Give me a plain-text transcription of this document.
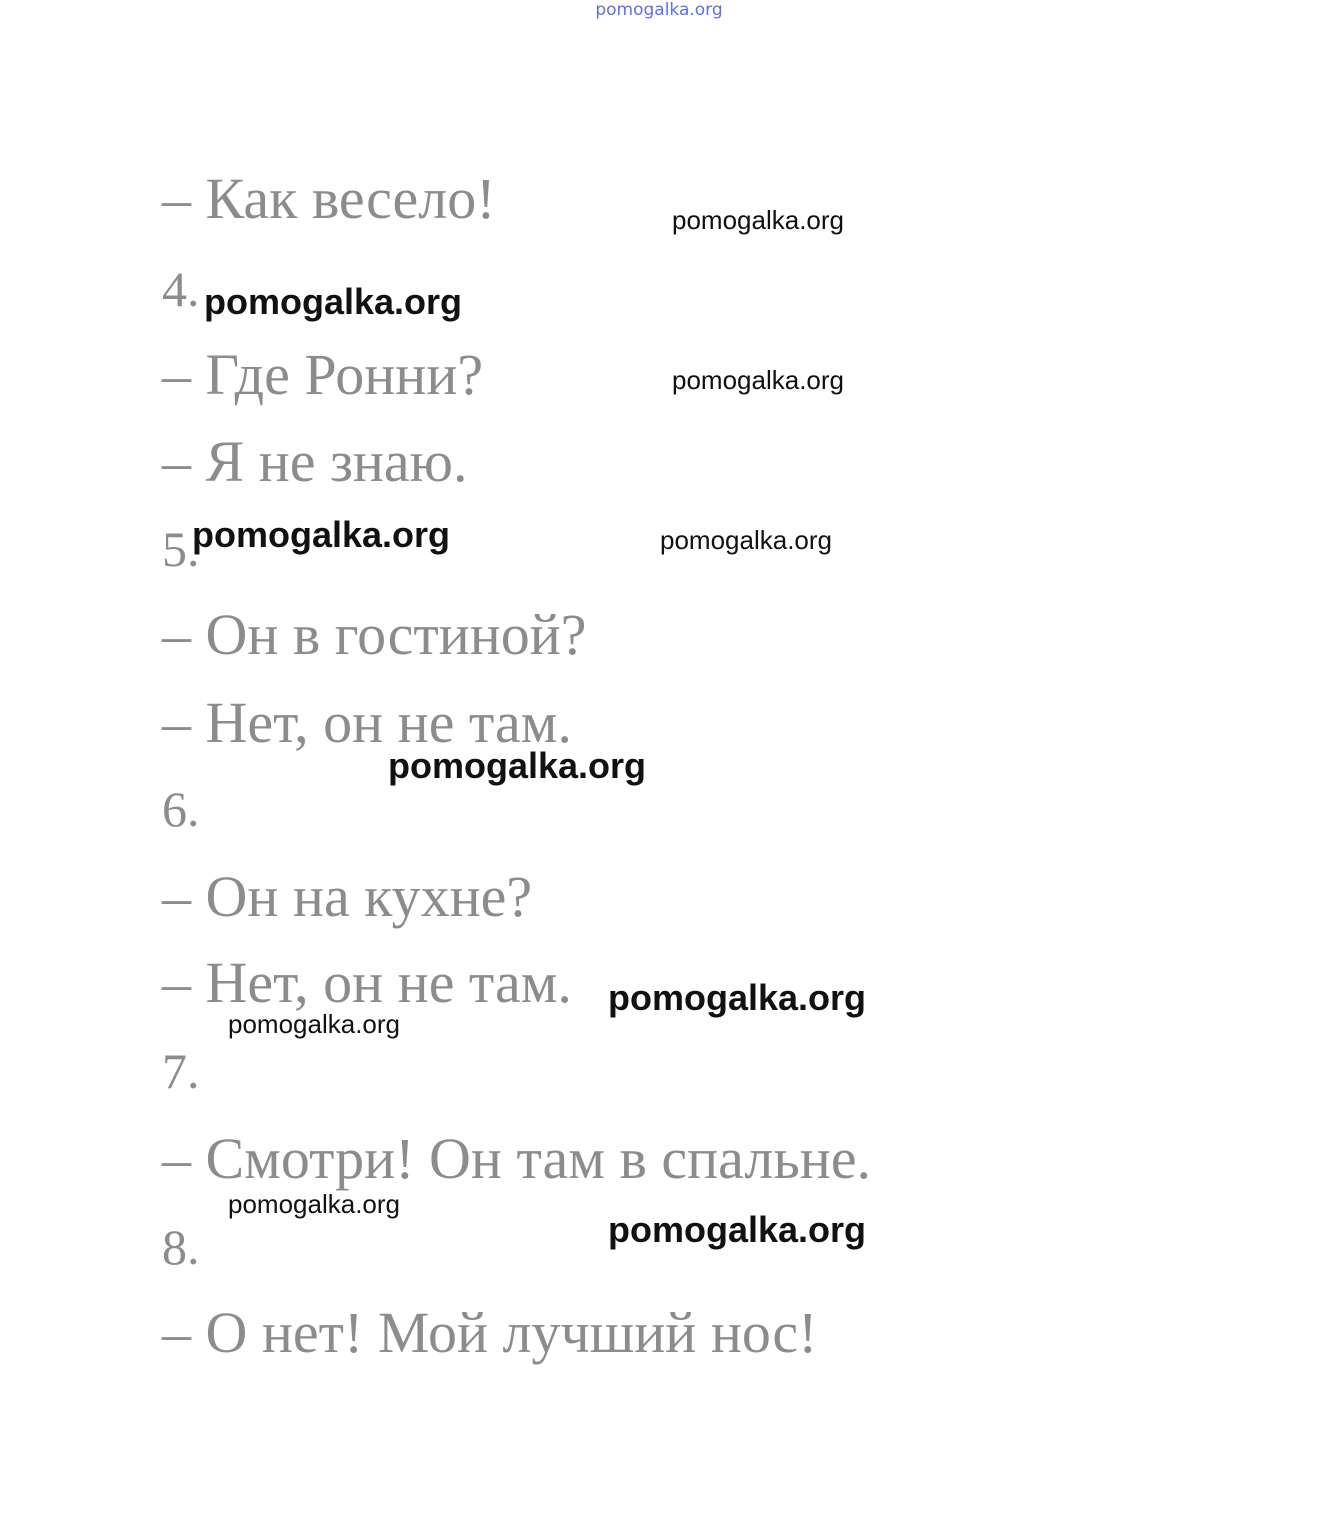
pomogalka.org
– Как весело!
4.
– Где Ронни?
– Я не знаю.
5.
– Он в гостиной?
– Нет, он не там.
6.
– Он на кухне?
– Нет, он не там.
7.
– Смотри! Он там в спальне.
8.
– О нет! Мой лучший нос!
pomogalka.org
pomogalka.org
pomogalka.org
pomogalka.org	pomogalka.org
pomogalka.org
pomogalka.org
pomogalka.org
pomogalka.org
pomogalka.org
